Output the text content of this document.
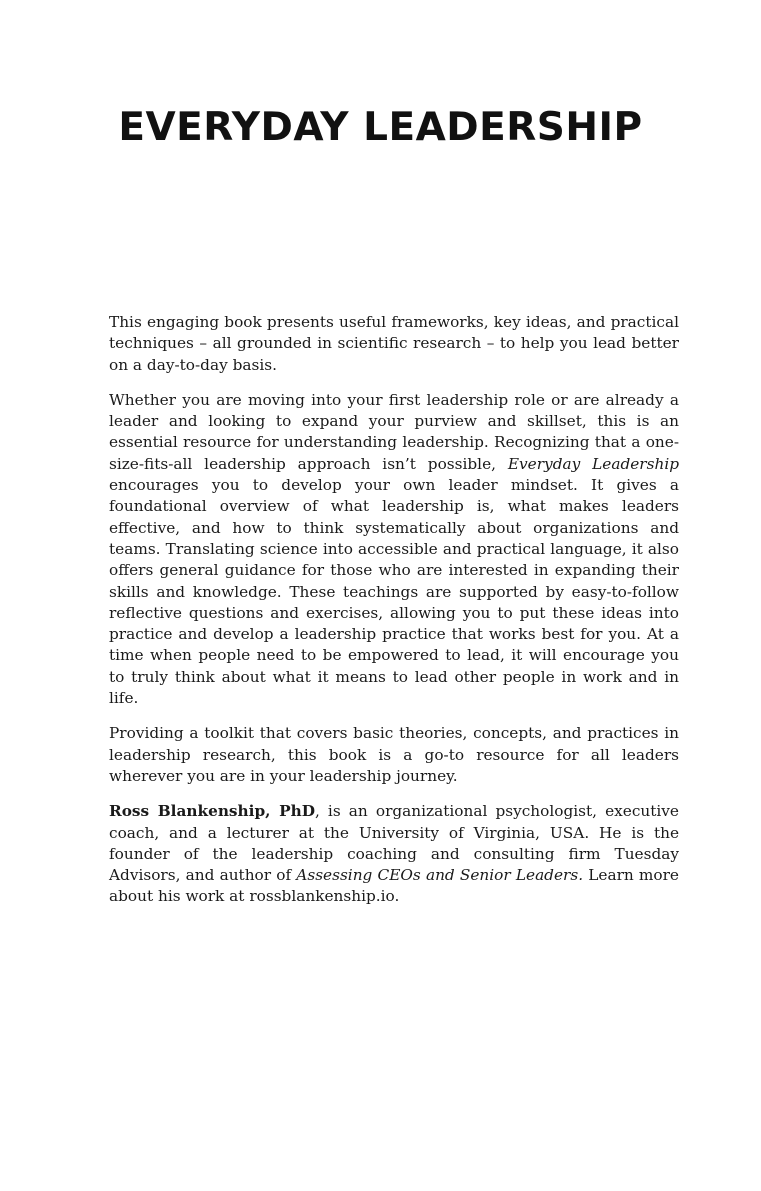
EVERYDAY LEADERSHIP

This engaging book presents useful frameworks, key ideas, and practical techniques – all grounded in scientific research – to help you lead better on a day-to-day basis.

Whether you are moving into your first leadership role or are already a leader and looking to expand your purview and skillset, this is an essential resource for understanding leadership. Recognizing that a one-size-fits-all leadership approach isn’t possible, Everyday Leadership encourages you to develop your own leader mindset. It gives a foundational overview of what leadership is, what makes leaders effective, and how to think systematically about organizations and teams. Translating science into accessible and practical language, it also offers general guidance for those who are interested in expanding their skills and knowledge. These teachings are supported by easy-to-follow reflective questions and exercises, allowing you to put these ideas into practice and develop a leadership practice that works best for you. At a time when people need to be empowered to lead, it will encourage you to truly think about what it means to lead other people in work and in life.

Providing a toolkit that covers basic theories, concepts, and practices in leadership research, this book is a go-to resource for all leaders wherever you are in your leadership journey.

Ross Blankenship, PhD, is an organizational psychologist, executive coach, and a lecturer at the University of Virginia, USA. He is the founder of the leadership coaching and consulting firm Tuesday Advisors, and author of Assessing CEOs and Senior Leaders. Learn more about his work at rossblankenship.io.
